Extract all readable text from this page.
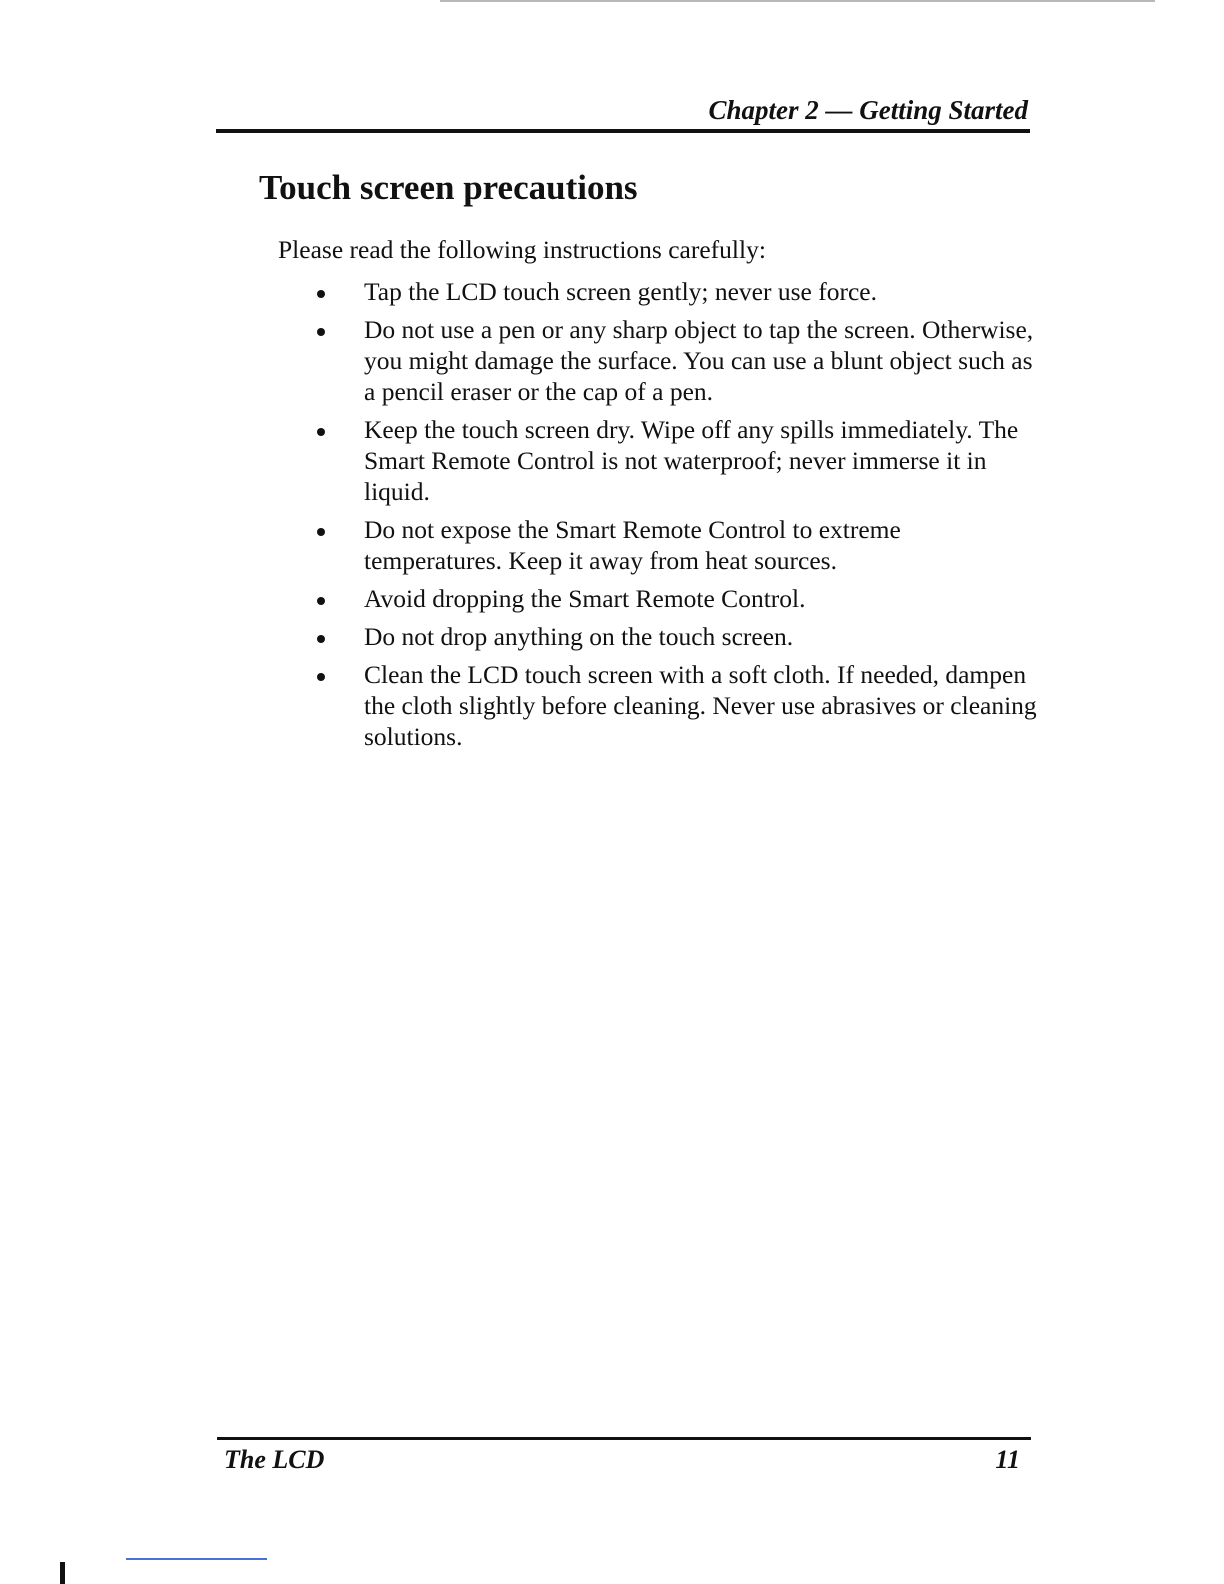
Chapter 2 — Getting Started
Touch screen precautions

Please read the following instructions carefully:

Tap the LCD touch screen gently; never use force.
Do not use a pen or any sharp object to tap the screen. Otherwise, you might damage the surface. You can use a blunt object such as a pencil eraser or the cap of a pen.
Keep the touch screen dry. Wipe off any spills immediately. The Smart Remote Control is not waterproof; never immerse it in liquid.
Do not expose the Smart Remote Control to extreme temperatures. Keep it away from heat sources.
Avoid dropping the Smart Remote Control.
Do not drop anything on the touch screen.
Clean the LCD touch screen with a soft cloth. If needed, dampen the cloth slightly before cleaning. Never use abrasives or cleaning solutions.
The LCD	11
